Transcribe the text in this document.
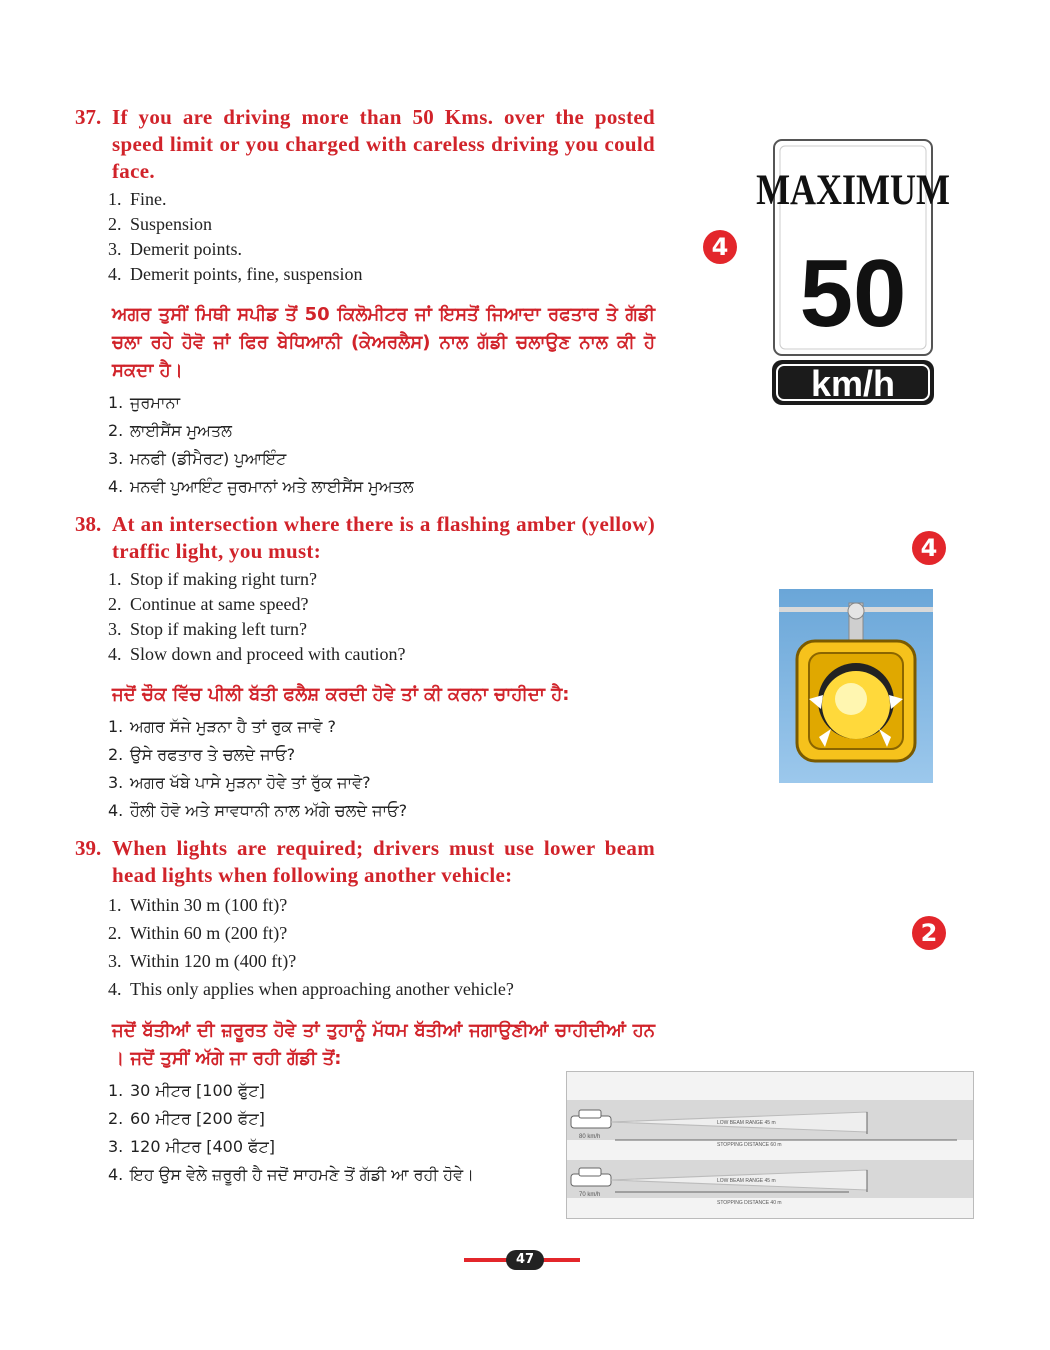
37. If you are driving more than 50 Kms. over the posted speed limit or you charged with careless driving you could face.
1. Fine.
2. Suspension
3. Demerit points.
4. Demerit points, fine, suspension
ਅਗਰ ਤੁਸੀਂ ਮਿਥੀ ਸਪੀਡ ਤੋਂ 50 ਕਿਲੋਮੀਟਰ ਜਾਂ ਇਸਤੋਂ ਜਿਆਦਾ ਰਫਤਾਰ ਤੇ ਗੱਡੀ ਚਲਾ ਰਹੇ ਹੋਵੋ ਜਾਂ ਫਿਰ ਬੇਧਿਆਨੀ (ਕੇਅਰਲੈਸ) ਨਾਲ ਗੱਡੀ ਚਲਾਉਣ ਨਾਲ ਕੀ ਹੋ ਸਕਦਾ ਹੈ।
1. ਜੁਰਮਾਨਾ
2. ਲਾਈਸੈਂਸ ਮੁਅਤਲ
3. ਮਨਫੀ (ਡੀਮੈਰਟ) ਪੁਆਇੰਟ
4. ਮਨਵੀ ਪੁਆਇੰਟ ਜੁਰਮਾਨਾਂ ਅਤੇ ਲਾਈਸੈਂਸ ਮੁਅਤਲ
38. At an intersection where there is a flashing amber (yellow) traffic light, you must:
1. Stop if making right turn?
2. Continue at same speed?
3. Stop if making left turn?
4. Slow down and proceed with caution?
ਜਦੋਂ ਚੌਕ ਵਿੱਚ ਪੀਲੀ ਬੱਤੀ ਫਲੈਸ਼ ਕਰਦੀ ਹੋਵੇ ਤਾਂ ਕੀ ਕਰਨਾ ਚਾਹੀਦਾ ਹੈ:
1. ਅਗਰ ਸੱਜੇ ਮੁੜਨਾ ਹੈ ਤਾਂ ਰੁਕ ਜਾਵੋ ?
2. ਉਸੇ ਰਫਤਾਰ ਤੇ ਚਲਦੇ ਜਾਓ?
3. ਅਗਰ ਖੱਬੇ ਪਾਸੇ ਮੁੜਨਾ ਹੋਵੇ ਤਾਂ ਰੁੱਕ ਜਾਵੋ?
4. ਹੌਲੀ ਹੋਵੋ ਅਤੇ ਸਾਵਧਾਨੀ ਨਾਲ ਅੱਗੇ ਚਲਦੇ ਜਾਓ?
39. When lights are required; drivers must use lower beam head lights when following another vehicle:
1. Within 30 m (100 ft)?
2. Within 60 m (200 ft)?
3. Within 120 m (400 ft)?
4. This only applies when approaching another vehicle?
ਜਦੋਂ ਬੱਤੀਆਂ ਦੀ ਜ਼ਰੂਰਤ ਹੋਵੇ ਤਾਂ ਤੁਹਾਨੂੰ ਮੱਧਮ ਬੱਤੀਆਂ ਜਗਾਉਣੀਆਂ ਚਾਹੀਦੀਆਂ ਹਨ । ਜਦੋਂ ਤੁਸੀਂ ਅੱਗੇ ਜਾ ਰਹੀ ਗੱਡੀ ਤੋਂ:
1. 30 ਮੀਟਰ [100 ਫੁੱਟ]
2. 60 ਮੀਟਰ [200 ਫੱਟ]
3. 120 ਮੀਟਰ [400 ਫੱਟ]
4. ਇਹ ਉਸ ਵੇਲੇ ਜ਼ਰੂਰੀ ਹੈ ਜਦੋਂ ਸਾਹਮਣੇ ਤੋਂ ਗੱਡੀ ਆ ਰਹੀ ਹੋਵੇ।
4
4
2
MAXIMUM
50
km/h
80 km/h
LOW BEAM RANGE 45 m
STOPPING DISTANCE 60 m
70 km/h
LOW BEAM RANGE 45 m
STOPPING DISTANCE 40 m
47
